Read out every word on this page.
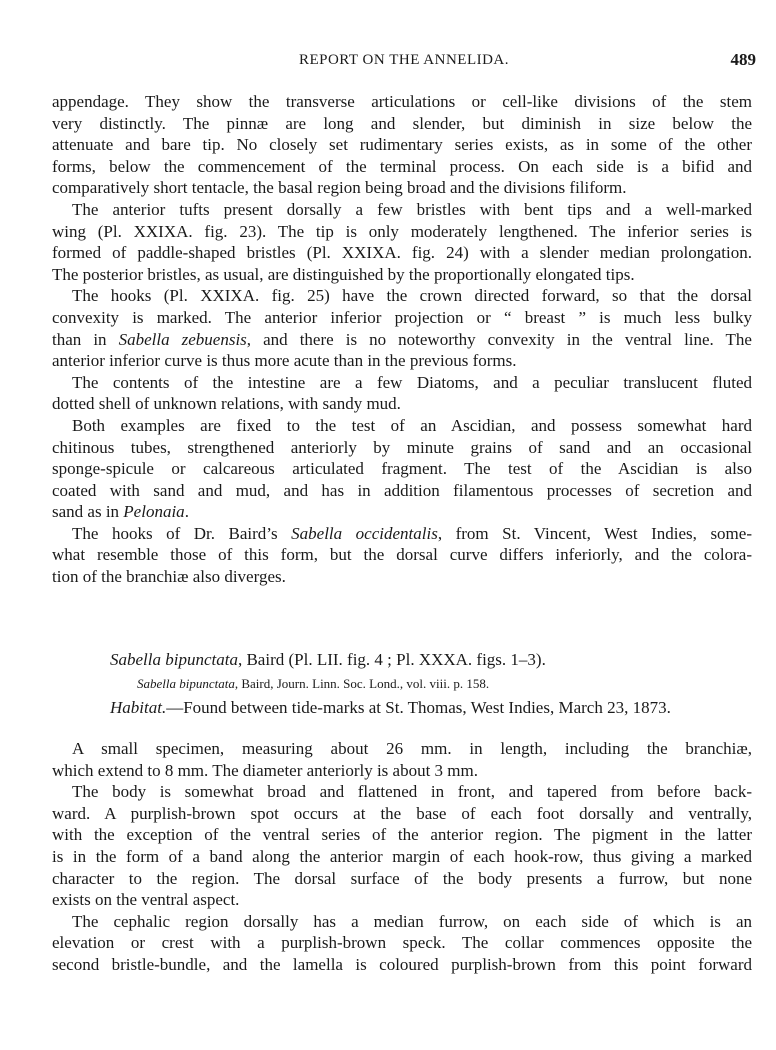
REPORT ON THE ANNELIDA.	489
appendage. They show the transverse articulations or cell-like divisions of the stem
very distinctly. The pinnæ are long and slender, but diminish in size below the
attenuate and bare tip. No closely set rudimentary series exists, as in some of the other
forms, below the commencement of the terminal process. On each side is a bifid and
comparatively short tentacle, the basal region being broad and the divisions filiform.
The anterior tufts present dorsally a few bristles with bent tips and a well-marked
wing (Pl. XXIXA. fig. 23). The tip is only moderately lengthened. The inferior series is
formed of paddle-shaped bristles (Pl. XXIXA. fig. 24) with a slender median prolongation.
The posterior bristles, as usual, are distinguished by the proportionally elongated tips.
The hooks (Pl. XXIXA. fig. 25) have the crown directed forward, so that the dorsal
convexity is marked. The anterior inferior projection or “ breast ” is much less bulky
than in Sabella zebuensis, and there is no noteworthy convexity in the ventral line. The
anterior inferior curve is thus more acute than in the previous forms.
The contents of the intestine are a few Diatoms, and a peculiar translucent fluted
dotted shell of unknown relations, with sandy mud.
Both examples are fixed to the test of an Ascidian, and possess somewhat hard
chitinous tubes, strengthened anteriorly by minute grains of sand and an occasional
sponge-spicule or calcareous articulated fragment. The test of the Ascidian is also
coated with sand and mud, and has in addition filamentous processes of secretion and
sand as in Pelonaia.
The hooks of Dr. Baird’s Sabella occidentalis, from St. Vincent, West Indies, some-
what resemble those of this form, but the dorsal curve differs inferiorly, and the colora-
tion of the branchiæ also diverges.
Sabella bipunctata, Baird (Pl. LII. fig. 4 ; Pl. XXXA. figs. 1–3).
Sabella bipunctata, Baird, Journ. Linn. Soc. Lond., vol. viii. p. 158.
Habitat.—Found between tide-marks at St. Thomas, West Indies, March 23, 1873.
A small specimen, measuring about 26 mm. in length, including the branchiæ,
which extend to 8 mm. The diameter anteriorly is about 3 mm.
The body is somewhat broad and flattened in front, and tapered from before back-
ward. A purplish-brown spot occurs at the base of each foot dorsally and ventrally,
with the exception of the ventral series of the anterior region. The pigment in the latter
is in the form of a band along the anterior margin of each hook-row, thus giving a marked
character to the region. The dorsal surface of the body presents a furrow, but none
exists on the ventral aspect.
The cephalic region dorsally has a median furrow, on each side of which is an
elevation or crest with a purplish-brown speck. The collar commences opposite the
second bristle-bundle, and the lamella is coloured purplish-brown from this point forward
